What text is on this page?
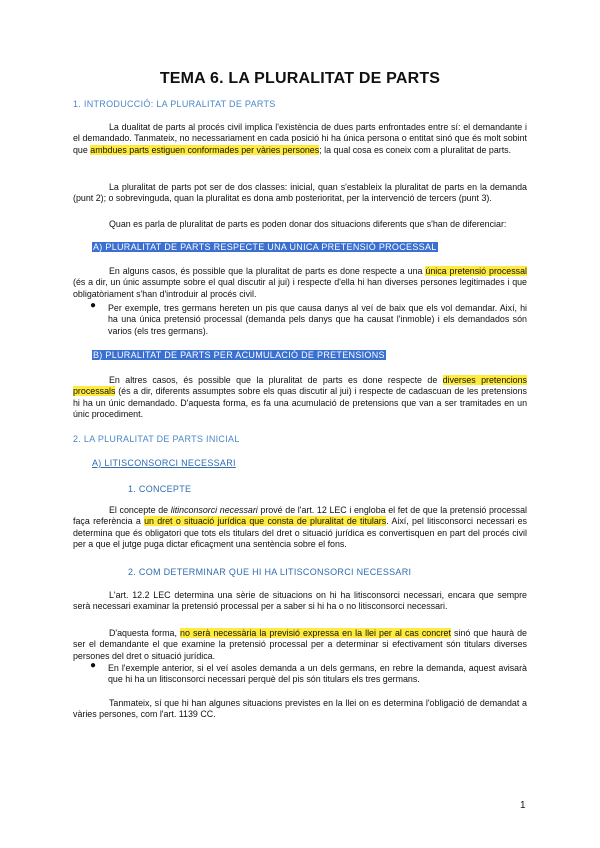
TEMA 6. LA PLURALITAT DE PARTS
1. INTRODUCCIÓ: LA PLURALITAT DE PARTS
La dualitat de parts al procés civil implica l'existència de dues parts enfrontades entre sí: el demandante i el demandado. Tanmateix, no necessariament en cada posició hi ha única persona o entitat sinó que és molt sobint que ambdues parts estiguen conformades per vàries persones; la qual cosa es coneix com a pluralitat de parts.
La pluralitat de parts pot ser de dos classes: inicial, quan s'estableix la pluralitat de parts en la demanda (punt 2); o sobrevinguda, quan la pluralitat es dona amb posterioritat, per la intervenció de tercers (punt 3).
Quan es parla de pluralitat de parts es poden donar dos situacions diferents que s'han de diferenciar:
A) PLURALITAT DE PARTS RESPECTE UNA ÚNICA PRETENSIÓ PROCESSAL
En alguns casos, és possible que la pluralitat de parts es done respecte a una única pretensió processal (és a dir, un únic assumpte sobre el qual discutir al jui) i respecte d'ella hi han diverses persones legitimades i que obligatòriament s'han d'introduir al procés civil.
● Per exemple, tres germans hereten un pis que causa danys al veí de baix que els vol demandar. Així, hi ha una única pretensió processal (demanda pels danys que ha causat l'inmoble) i els demandados són varios (els tres germans).
B) PLURALITAT DE PARTS PER ACUMULACIÓ DE PRETENSIONS
En altres casos, és possible que la pluralitat de parts es done respecte de diverses pretencions processals (és a dir, diferents assumptes sobre els quas discutir al jui) i respecte de cadascuan de les pretensions hi ha un únic demandado. D'aquesta forma, es fa una acumulació de pretensions que van a ser tramitades en un únic procediment.
2. LA PLURALITAT DE PARTS INICIAL
A) LITISCONSORCI NECESSARI
1. CONCEPTE
El concepte de litinconsorci necessari prové de l'art. 12 LEC i engloba el fet de que la pretensió processal faça referència a un dret o situació jurídica que consta de pluralitat de titulars. Així, pel litisconsorci necessari es determina que és obligatori que tots els titulars del dret o situació jurídica es convertisquen en part del procés civil per a que el jutge puga dictar eficaçment una sentència sobre el fons.
2. COM DETERMINAR QUE HI HA LITISCONSORCI NECESSARI
L'art. 12.2 LEC determina una sèrie de situacions on hi ha litisconsorci necessari, encara que sempre serà necessari examinar la pretensió processal per a saber si hi ha o no litisconsorci necessari.
D'aquesta forma, no serà necessària la previsió expressa en la llei per al cas concret sinó que haurà de ser el demandante el que examine la pretensió processal per a determinar si efectivament són titulars diverses persones del dret o situació jurídica.
● En l'exemple anterior, si el veí asoles demanda a un dels germans, en rebre la demanda, aquest avisarà que hi ha un litisconsorci necessari perquè del pis són titulars els tres germans.
Tanmateix, sí que hi han algunes situacions previstes en la llei on es determina l'obligació de demandat a vàries persones, com l'art. 1139 CC.
1
